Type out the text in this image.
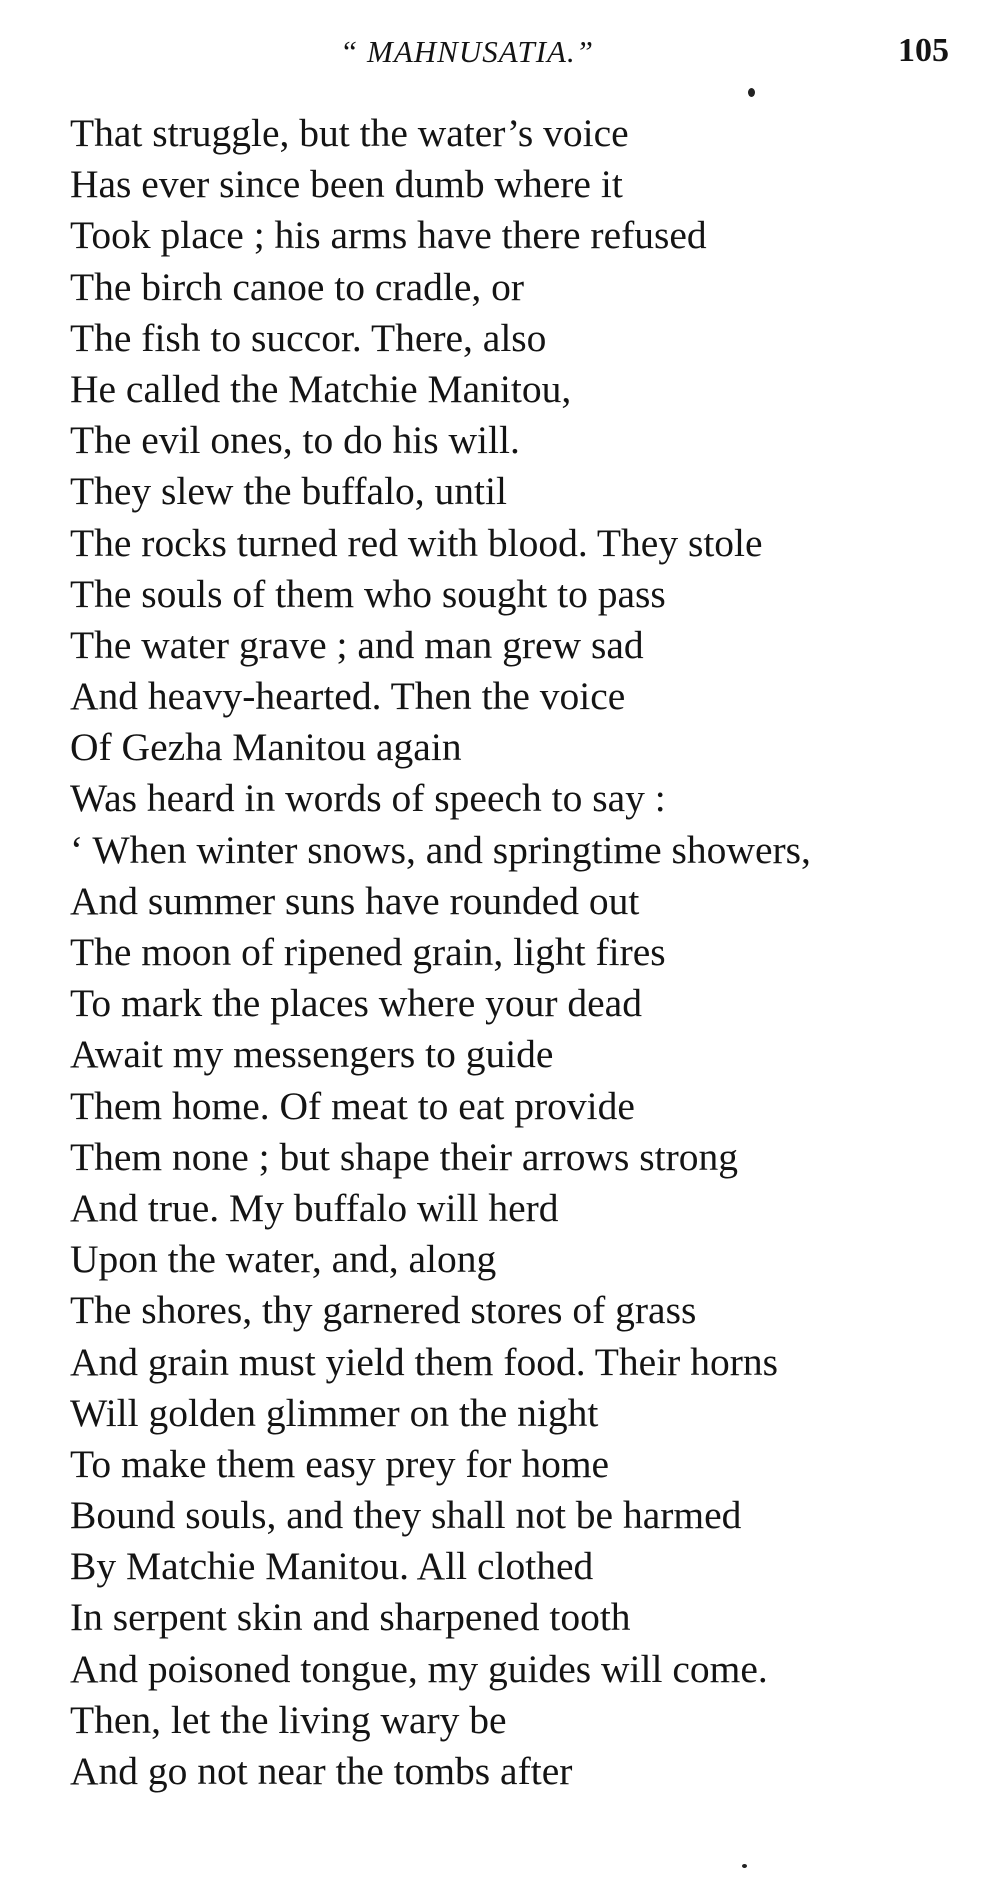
“ MAHNUSATIA.”	105
That struggle, but the water’s voice
Has ever since been dumb where it
Took place ; his arms have there refused
The birch canoe to cradle, or
The fish to succor. There, also
He called the Matchie Manitou,
The evil ones, to do his will.
They slew the buffalo, until
The rocks turned red with blood. They stole
The souls of them who sought to pass
The water grave ; and man grew sad
And heavy-hearted. Then the voice
Of Gezha Manitou again
Was heard in words of speech to say :
‘ When winter snows, and springtime showers,
And summer suns have rounded out
The moon of ripened grain, light fires
To mark the places where your dead
Await my messengers to guide
Them home. Of meat to eat provide
Them none ; but shape their arrows strong
And true. My buffalo will herd
Upon the water, and, along
The shores, thy garnered stores of grass
And grain must yield them food. Their horns
Will golden glimmer on the night
To make them easy prey for home
Bound souls, and they shall not be harmed
By Matchie Manitou. All clothed
In serpent skin and sharpened tooth
And poisoned tongue, my guides will come.
Then, let the living wary be
And go not near the tombs after
